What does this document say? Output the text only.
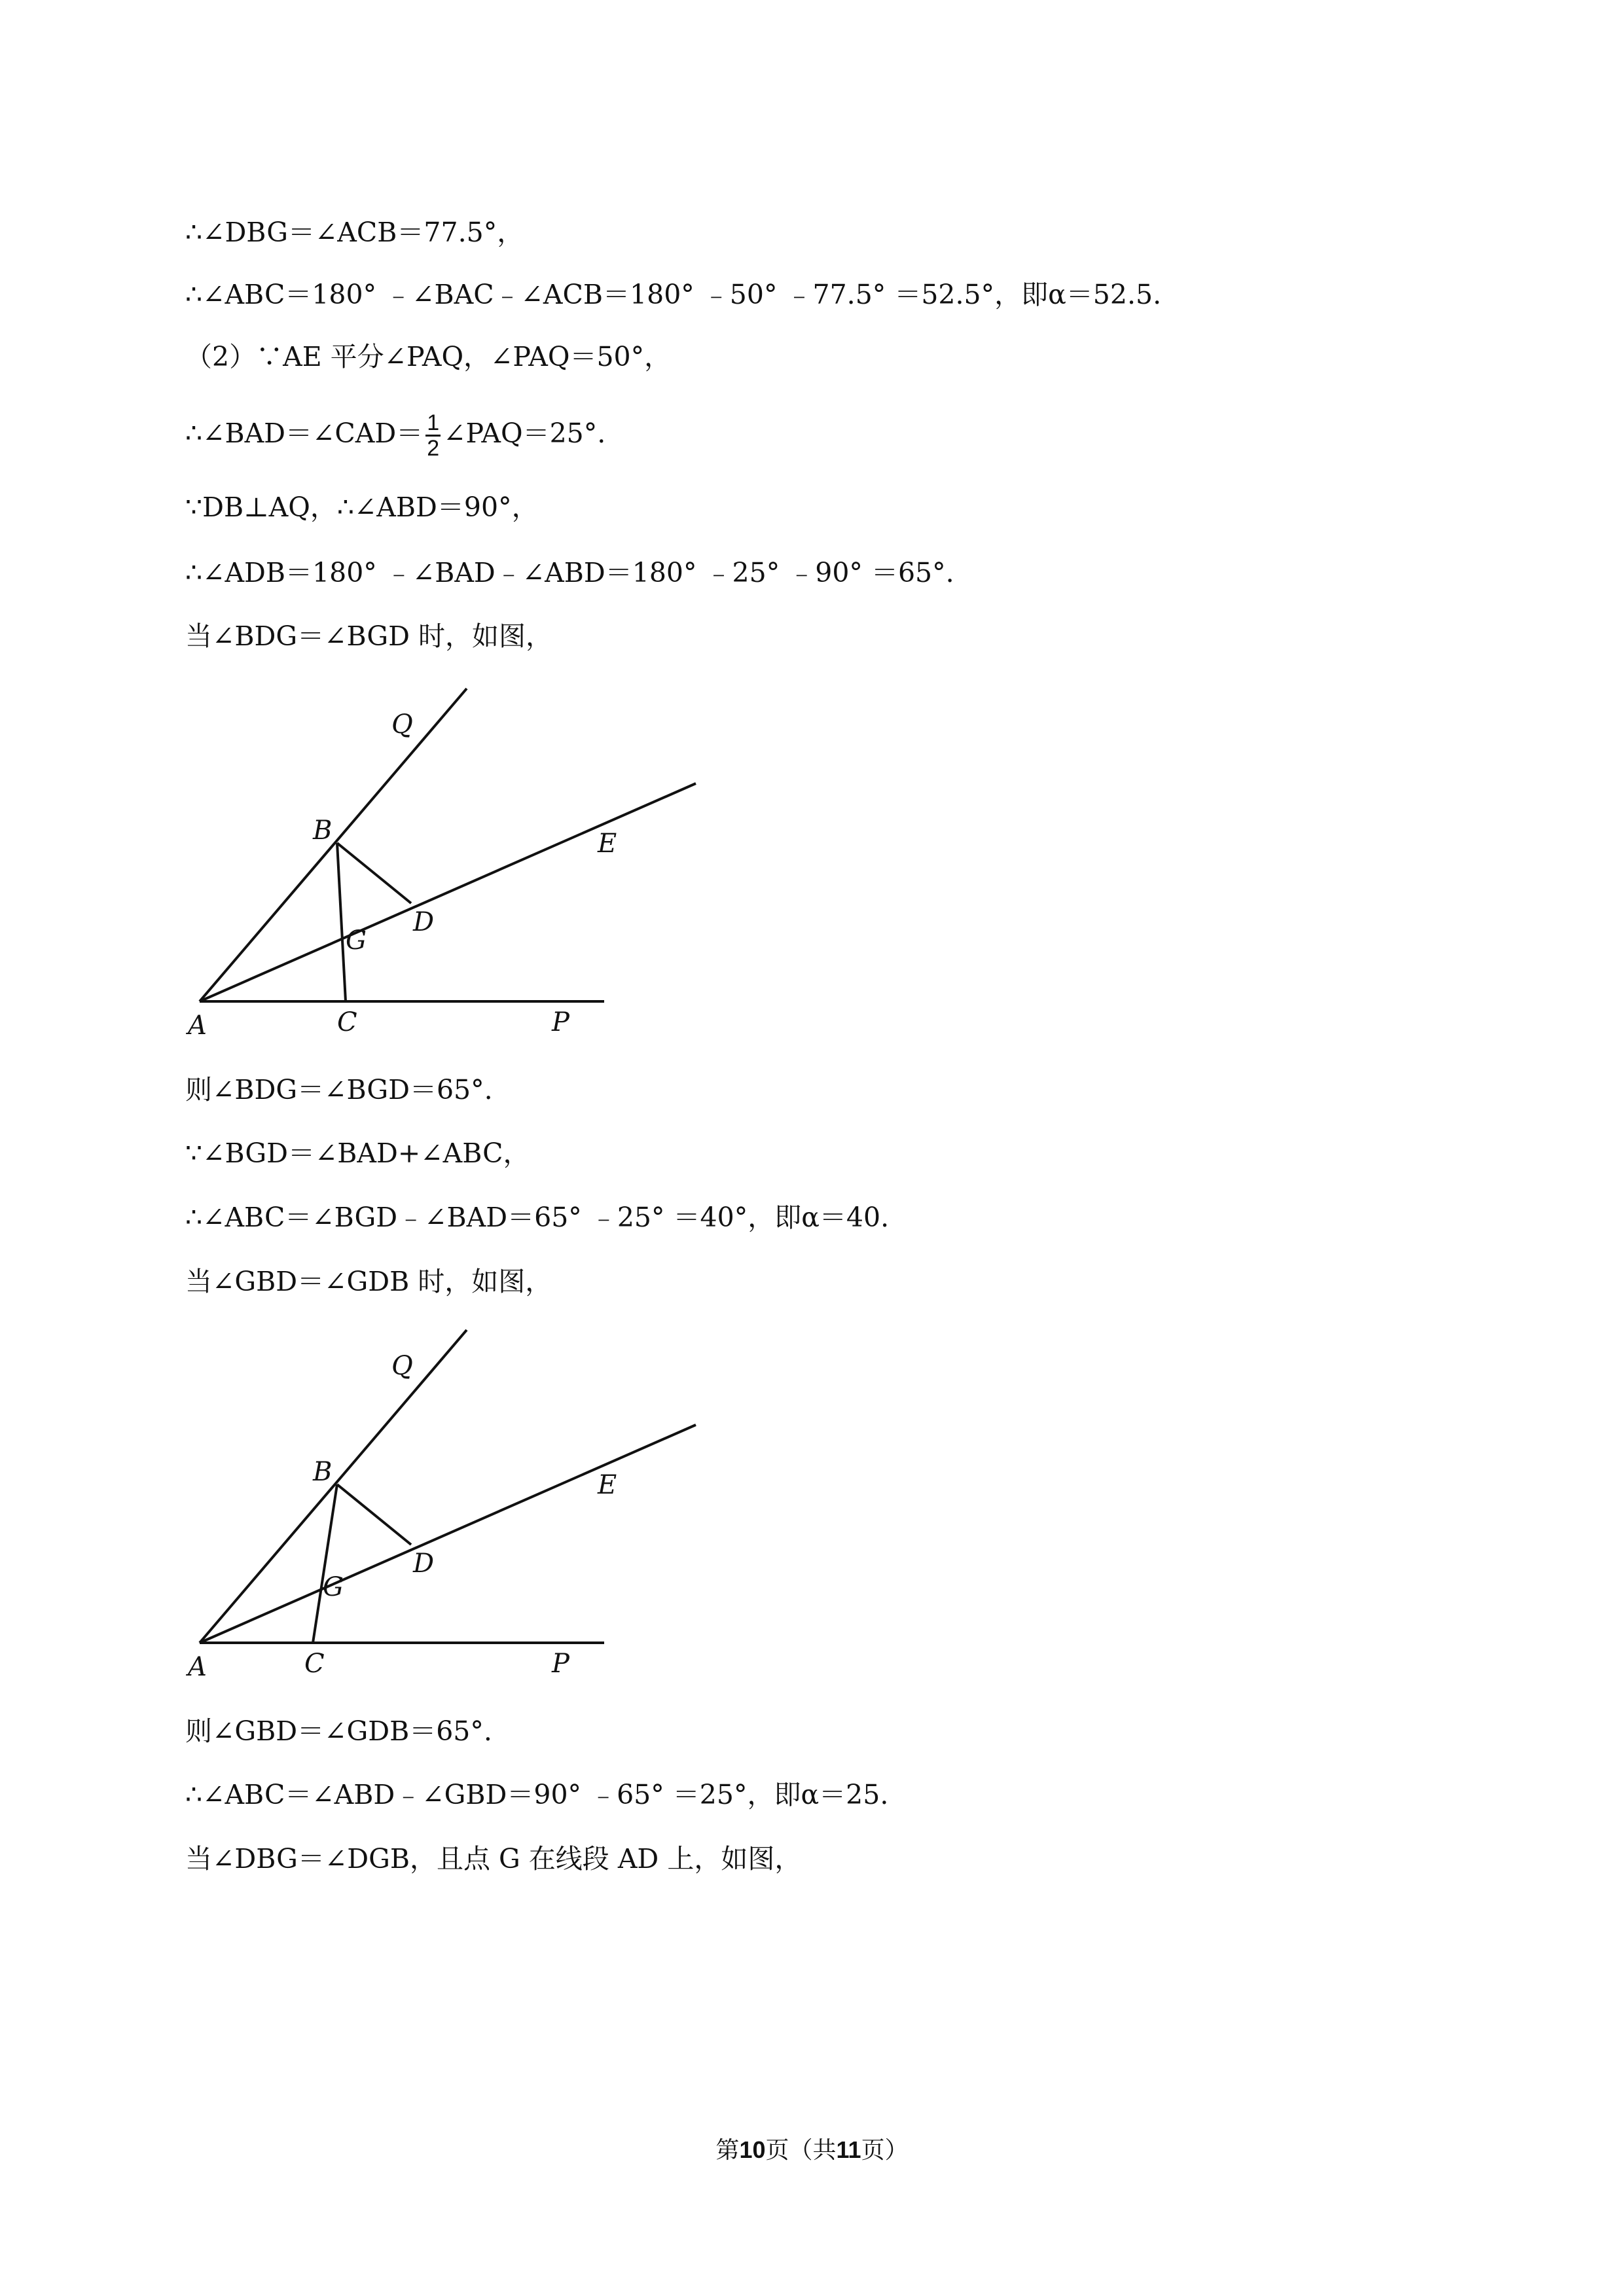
∴∠DBG＝∠ACB＝77.5°，
∴∠ABC＝180° ﹣∠BAC﹣∠ACB＝180° ﹣50° ﹣77.5° ＝52.5°，即α＝52.5.
（2）∵AE 平分∠PAQ，∠PAQ＝50°，
∴∠BAD＝∠CAD＝ $\frac{1}{2}$ ∠PAQ＝25°.
∵DB⊥AQ，∴∠ABD＝90°，
∴∠ADB＝180° ﹣∠BAD﹣∠ABD＝180° ﹣25° ﹣90° ＝65°.
当∠BDG＝∠BGD 时，如图，
Q
B	E
D
G
A	C	P
则∠BDG＝∠BGD＝65°.
∵∠BGD＝∠BAD+∠ABC，
∴∠ABC＝∠BGD﹣∠BAD＝65° ﹣25° ＝40°，即α＝40.
当∠GBD＝∠GDB 时，如图，
Q
B	E
D
G
A	C	P
则∠GBD＝∠GDB＝65°.
∴∠ABC＝∠ABD﹣∠GBD＝90° ﹣65° ＝25°，即α＝25.
当∠DBG＝∠DGB，且点 G 在线段 AD 上，如图，
第10页（共11页）
